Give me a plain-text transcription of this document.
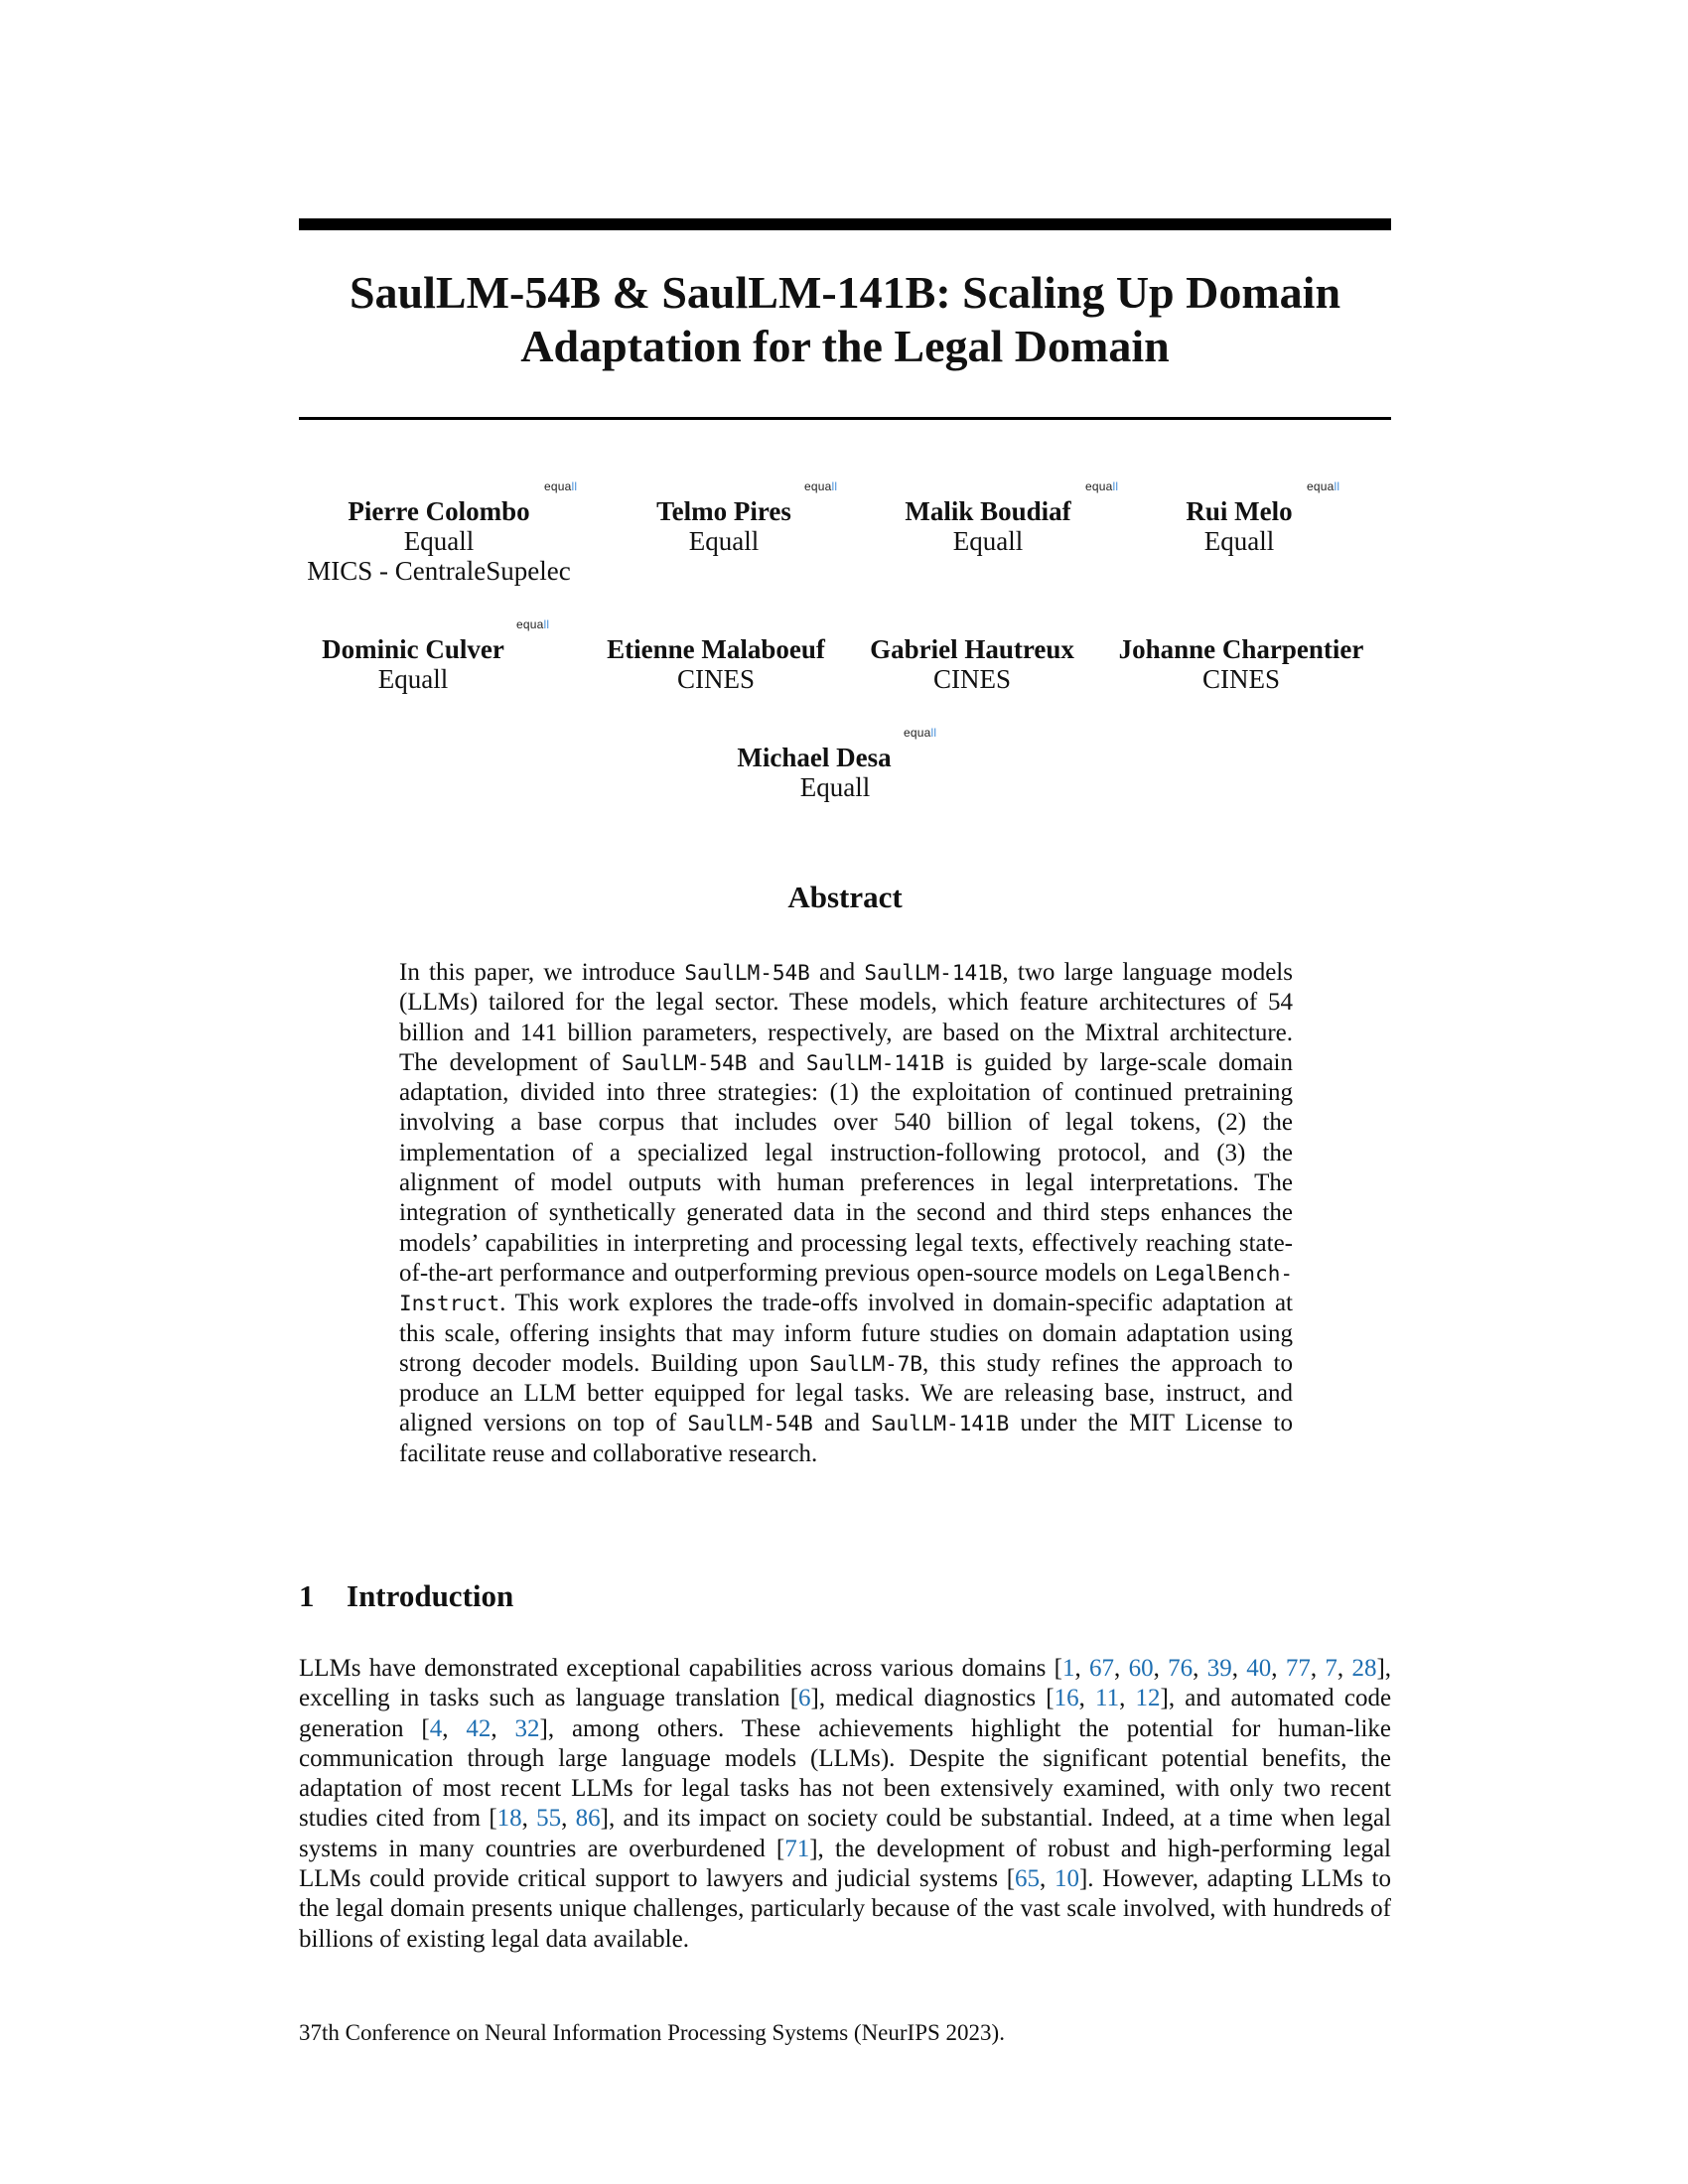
SaulLM-54B & SaulLM-141B: Scaling Up Domain
Adaptation for the Legal Domain
Pierre Colombo
Equall
MICS - CentraleSupelec
equall
Telmo Pires
Equall
equall
Malik Boudiaf
Equall
equall
Rui Melo
Equall
equall
Dominic Culver
Equall
equall
Etienne Malaboeuf
CINES
Gabriel Hautreux
CINES
Johanne Charpentier
CINES
Michael Desa
Equall
equall
Abstract
In this paper, we introduce SaulLM-54B and SaulLM-141B, two large language models (LLMs) tailored for the legal sector. These models, which feature architectures of 54 billion and 141 billion parameters, respectively, are based on the Mixtral architecture. The development of SaulLM-54B and SaulLM-141B is guided by large-scale domain adaptation, divided into three strategies: (1) the exploitation of continued pretraining involving a base corpus that includes over 540 billion of legal tokens, (2) the implementation of a specialized legal instruction-following protocol, and (3) the alignment of model outputs with human preferences in legal interpretations. The integration of synthetically generated data in the second and third steps enhances the models’ capabilities in interpreting and processing legal texts, effectively reaching state-of-the-art performance and outperforming previous open-source models on LegalBench-Instruct. This work explores the trade-offs involved in domain-specific adaptation at this scale, offering insights that may inform future studies on domain adaptation using strong decoder models. Building upon SaulLM-7B, this study refines the approach to produce an LLM better equipped for legal tasks. We are releasing base, instruct, and aligned versions on top of SaulLM-54B and SaulLM-141B under the MIT License to facilitate reuse and collaborative research.
1 Introduction
LLMs have demonstrated exceptional capabilities across various domains [1, 67, 60, 76, 39, 40, 77, 7, 28], excelling in tasks such as language translation [6], medical diagnostics [16, 11, 12], and automated code generation [4, 42, 32], among others. These achievements highlight the potential for human-like communication through large language models (LLMs). Despite the significant potential benefits, the adaptation of most recent LLMs for legal tasks has not been extensively examined, with only two recent studies cited from [18, 55, 86], and its impact on society could be substantial. Indeed, at a time when legal systems in many countries are overburdened [71], the development of robust and high-performing legal LLMs could provide critical support to lawyers and judicial systems [65, 10]. However, adapting LLMs to the legal domain presents unique challenges, particularly because of the vast scale involved, with hundreds of billions of existing legal data available.
37th Conference on Neural Information Processing Systems (NeurIPS 2023).
